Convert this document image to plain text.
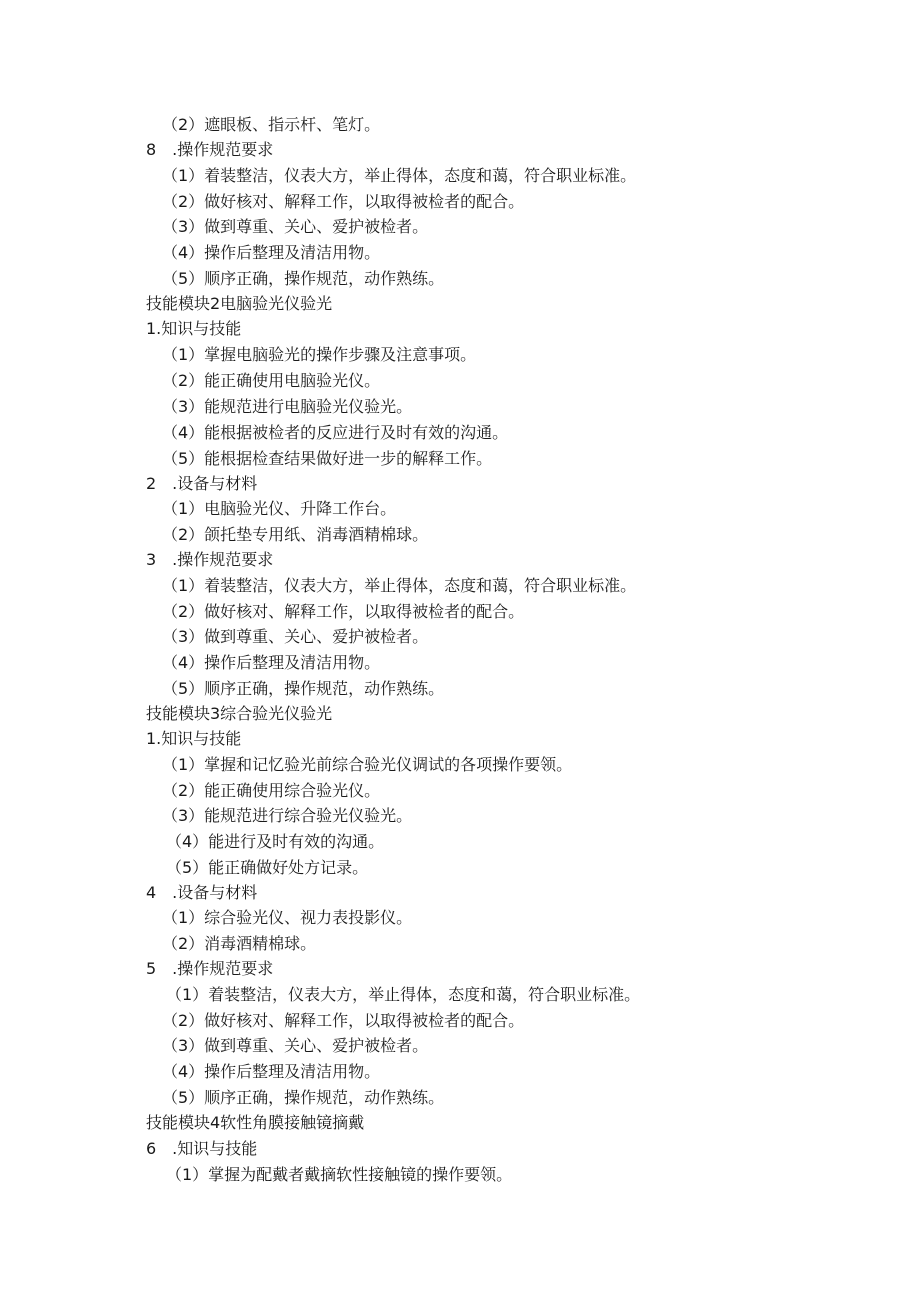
（2）遮眼板、指示杆、笔灯。
8　.操作规范要求
（1）着装整洁，仪表大方，举止得体，态度和蔼，符合职业标准。
（2）做好核对、解释工作，以取得被检者的配合。
（3）做到尊重、关心、爱护被检者。
（4）操作后整理及清洁用物。
（5）顺序正确，操作规范，动作熟练。
技能模块2电脑验光仪验光
1.知识与技能
（1）掌握电脑验光的操作步骤及注意事项。
（2）能正确使用电脑验光仪。
（3）能规范进行电脑验光仪验光。
（4）能根据被检者的反应进行及时有效的沟通。
（5）能根据检查结果做好进一步的解释工作。
2　.设备与材料
（1）电脑验光仪、升降工作台。
（2）颌托垫专用纸、消毒酒精棉球。
3　.操作规范要求
（1）着装整洁，仪表大方，举止得体，态度和蔼，符合职业标准。
（2）做好核对、解释工作，以取得被检者的配合。
（3）做到尊重、关心、爱护被检者。
（4）操作后整理及清洁用物。
（5）顺序正确，操作规范，动作熟练。
技能模块3综合验光仪验光
1.知识与技能
（1）掌握和记忆验光前综合验光仪调试的各项操作要领。
（2）能正确使用综合验光仪。
（3）能规范进行综合验光仪验光。
（4）能进行及时有效的沟通。
（5）能正确做好处方记录。
4　.设备与材料
（1）综合验光仪、视力表投影仪。
（2）消毒酒精棉球。
5　.操作规范要求
（1）着装整洁，仪表大方，举止得体，态度和蔼，符合职业标准。
（2）做好核对、解释工作，以取得被检者的配合。
（3）做到尊重、关心、爱护被检者。
（4）操作后整理及清洁用物。
（5）顺序正确，操作规范，动作熟练。
技能模块4软性角膜接触镜摘戴
6　.知识与技能
（1）掌握为配戴者戴摘软性接触镜的操作要领。
